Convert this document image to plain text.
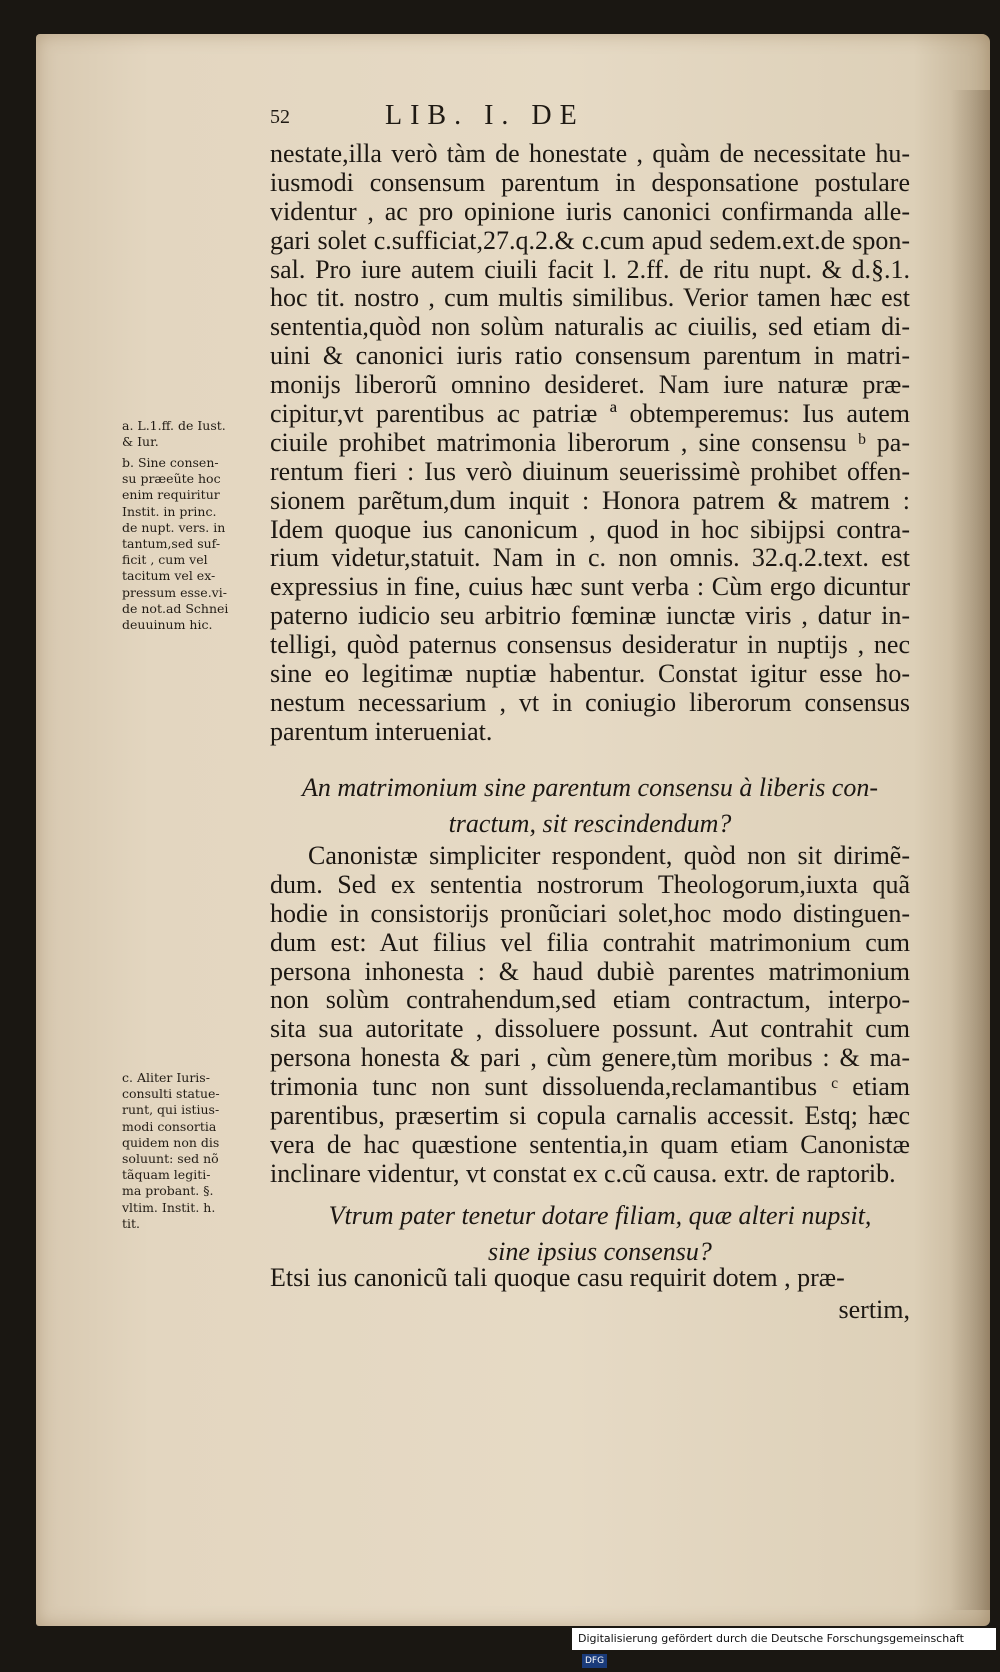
52	LIB. I. DE
nestate,illa verò tàm de honestate , quàm de necessitate hu-
iusmodi consensum parentum in desponsatione postulare
videntur , ac pro opinione iuris canonici confirmanda alle-
gari solet c.sufficiat,27.q.2.& c.cum apud sedem.ext.de spon-
sal. Pro iure autem ciuili facit l. 2.ff. de ritu nupt. & d.§.1.
hoc tit. nostro , cum multis similibus. Verior tamen hæc est
sententia,quòd non solùm naturalis ac ciuilis, sed etiam di-
uini & canonici iuris ratio consensum parentum in matri-
monijs liberorũ omnino desideret. Nam iure naturæ præ-
cipitur,vt parentibus ac patriæ ª obtemperemus: Ius autem
ciuile prohibet matrimonia liberorum , sine consensu ᵇ pa-
rentum fieri : Ius verò diuinum seuerissimè prohibet offen-
sionem parẽtum,dum inquit : Honora patrem & matrem :
Idem quoque ius canonicum , quod in hoc sibijpsi contra-
rium videtur,statuit. Nam in c. non omnis. 32.q.2.text. est
expressius in fine, cuius hæc sunt verba : Cùm ergo dicuntur
paterno iudicio seu arbitrio fœminæ iunctæ viris , datur in-
telligi, quòd paternus consensus desideratur in nuptijs , nec
sine eo legitimæ nuptiæ habentur. Constat igitur esse ho-
nestum necessarium , vt in coniugio liberorum consensus
parentum interueniat.
An matrimonium sine parentum consensu à liberis con-
tractum, sit rescindendum?
Canonistæ simpliciter respondent, quòd non sit dirimẽ-
dum. Sed ex sententia nostrorum Theologorum,iuxta quã
hodie in consistorijs pronũciari solet,hoc modo distinguen-
dum est: Aut filius vel filia contrahit matrimonium cum
persona inhonesta : & haud dubiè parentes matrimonium
non solùm contrahendum,sed etiam contractum, interpo-
sita sua autoritate , dissoluere possunt. Aut contrahit cum
persona honesta & pari , cùm genere,tùm moribus : & ma-
trimonia tunc non sunt dissoluenda,reclamantibus ᶜ etiam
parentibus, præsertim si copula carnalis accessit. Estq; hæc
vera de hac quæstione sententia,in quam etiam Canonistæ
inclinare videntur, vt constat ex c.cũ causa. extr. de raptorib.
Vtrum pater tenetur dotare filiam, quæ alteri nupsit,
sine ipsius consensu?
Etsi ius canonicũ tali quoque casu requirit dotem , præ-
sertim,
a. L.1.ff. de Iust.
& Iur.
b. Sine consen-
su præeũte hoc
enim requiritur
Instit. in princ.
de nupt. vers. in
tantum,sed suf-
ficit , cum vel
tacitum vel ex-
pressum esse.vi-
de not.ad Schnei
deuuinum hic.
c. Aliter Iuris-
consulti statue-
runt, qui istius-
modi consortia
quidem non dis
soluunt: sed nõ
tãquam legiti-
ma probant. §.
vltim. Instit. h.
tit.
Digitalisierung gefördert durch die Deutsche Forschungsgemeinschaft DFG
